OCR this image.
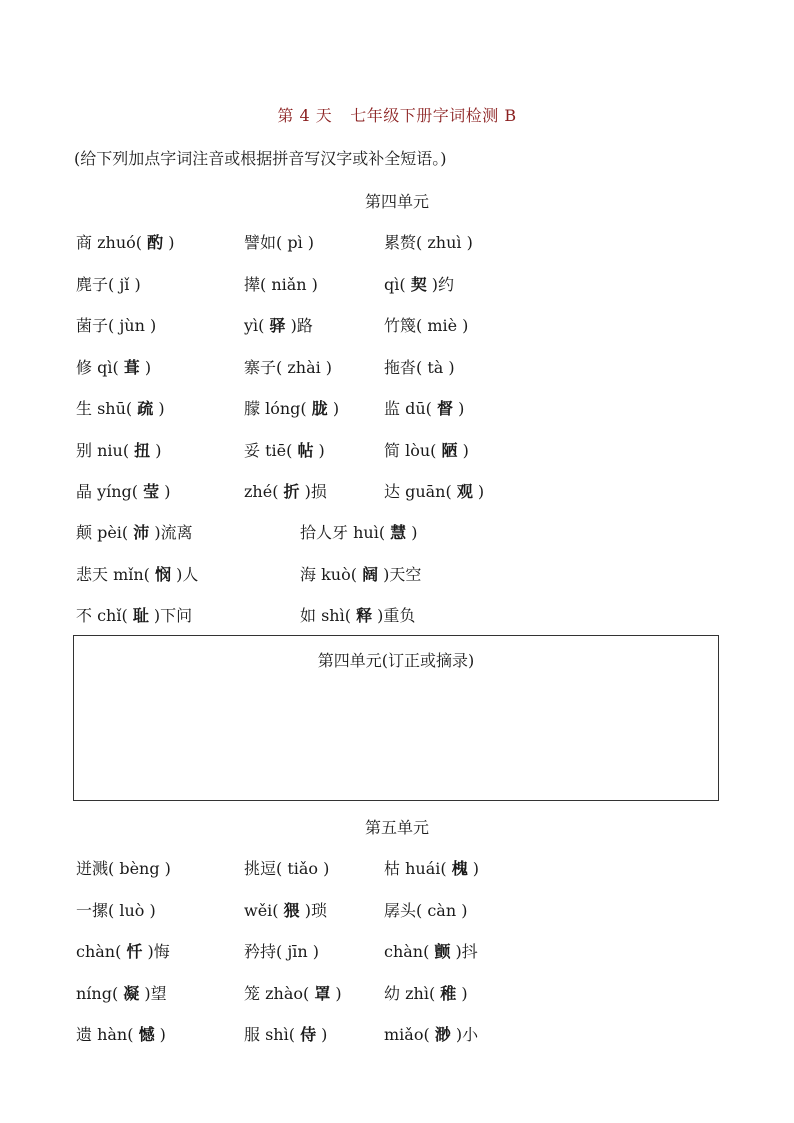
第 4 天 七年级下册字词检测 B
(给下列加点字词注音或根据拼音写汉字或补全短语。)
第四单元
商 zhuó( 酌 )	譬如( pì )	累赘( zhuì )
麂子( jǐ )	撵( niǎn )	qì( 契 )约
菌子( jùn )	yì( 驿 )路	竹篾( miè )
修 qì( 葺 )	寨子( zhài )	拖沓( tà )
生 shū( 疏 )	朦 lóng( 胧 )	监 dū( 督 )
别 niu( 扭 )	妥 tiē( 帖 )	简 lòu( 陋 )
晶 yíng( 莹 )	zhé( 折 )损	达 guān( 观 )
颠 pèi( 沛 )流离	拾人牙 huì( 慧 )
悲天 mǐn( 悯 )人	海 kuò( 阔 )天空
不 chǐ( 耻 )下问	如 shì( 释 )重负
第四单元(订正或摘录)
第五单元
迸溅( bèng )	挑逗( tiǎo )	枯 huái( 槐 )
一摞( luò )	wěi( 猥 )琐	孱头( càn )
chàn( 忏 )悔	矜持( jīn )	chàn( 颤 )抖
níng( 凝 )望	笼 zhào( 罩 )	幼 zhì( 稚 )
遗 hàn( 憾 )	服 shì( 侍 )	miǎo( 渺 )小
